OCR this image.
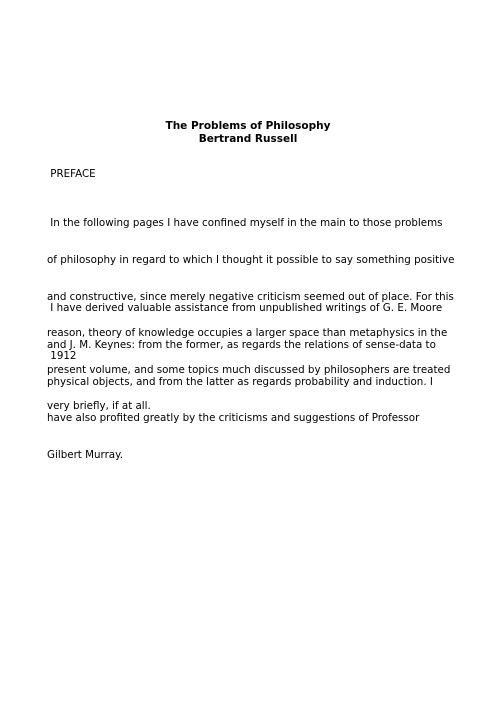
The Problems of Philosophy
Bertrand Russell
PREFACE

In the following pages I have confined myself in the main to those problems

of philosophy in regard to which I thought it possible to say something positive

and constructive, since merely negative criticism seemed out of place. For this

reason, theory of knowledge occupies a larger space than metaphysics in the

present volume, and some topics much discussed by philosophers are treated

very briefly, if at all.

I have derived valuable assistance from unpublished writings of G. E. Moore

and J. M. Keynes: from the former, as regards the relations of sense-data to

physical objects, and from the latter as regards probability and induction. I

have also profited greatly by the criticisms and suggestions of Professor

Gilbert Murray.

1912
